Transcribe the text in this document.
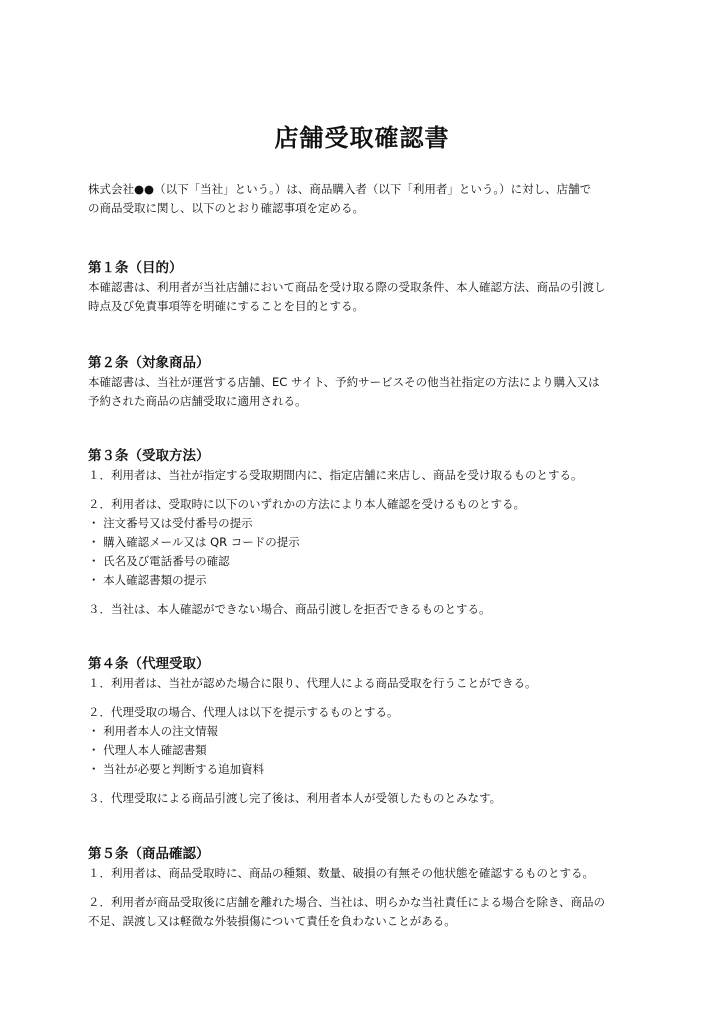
店舗受取確認書

株式会社●●（以下「当社」という。）は、商品購入者（以下「利用者」という。）に対し、店舗で

の商品受取に関し、以下のとおり確認事項を定める。

第１条（目的）

本確認書は、利用者が当社店舗において商品を受け取る際の受取条件、本人確認方法、商品の引渡し

時点及び免責事項等を明確にすることを目的とする。

第２条（対象商品）

本確認書は、当社が運営する店舗、EC サイト、予約サービスその他当社指定の方法により購入又は

予約された商品の店舗受取に適用される。

第３条（受取方法）

１．利用者は、当社が指定する受取期間内に、指定店舗に来店し、商品を受け取るものとする。

２．利用者は、受取時に以下のいずれかの方法により本人確認を受けるものとする。

・ 注文番号又は受付番号の提示

・ 購入確認メール又は QR コードの提示

・ 氏名及び電話番号の確認

・ 本人確認書類の提示

３．当社は、本人確認ができない場合、商品引渡しを拒否できるものとする。

第４条（代理受取）

１．利用者は、当社が認めた場合に限り、代理人による商品受取を行うことができる。

２．代理受取の場合、代理人は以下を提示するものとする。

・ 利用者本人の注文情報

・ 代理人本人確認書類

・ 当社が必要と判断する追加資料

３．代理受取による商品引渡し完了後は、利用者本人が受領したものとみなす。

第５条（商品確認）

１．利用者は、商品受取時に、商品の種類、数量、破損の有無その他状態を確認するものとする。

２．利用者が商品受取後に店舗を離れた場合、当社は、明らかな当社責任による場合を除き、商品の

不足、誤渡し又は軽微な外装損傷について責任を負わないことがある。
